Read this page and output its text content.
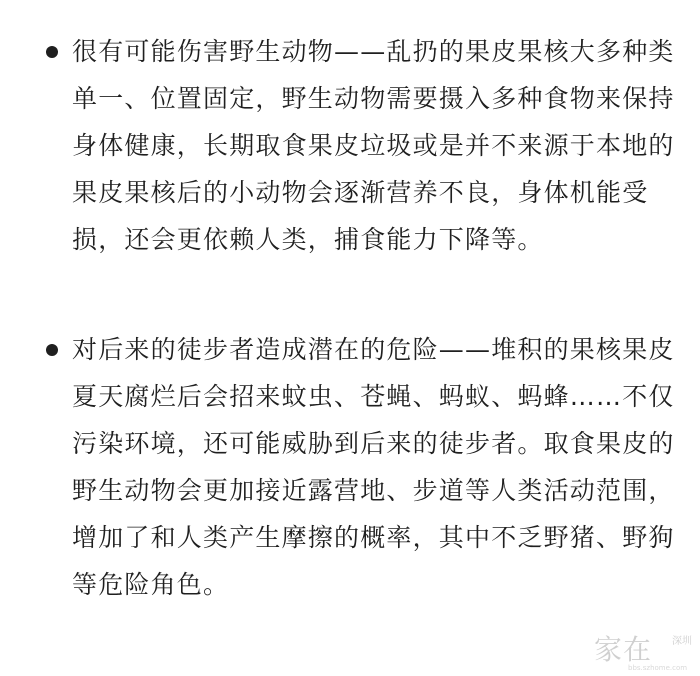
很有可能伤害野生动物——乱扔的果皮果核大多种类
单一、位置固定，野生动物需要摄入多种食物来保持
身体健康，长期取食果皮垃圾或是并不来源于本地的
果皮果核后的小动物会逐渐营养不良，身体机能受
损，还会更依赖人类，捕食能力下降等。
对后来的徒步者造成潜在的危险——堆积的果核果皮
夏天腐烂后会招来蚊虫、苍蝇、蚂蚁、蚂蜂……不仅
污染环境，还可能威胁到后来的徒步者。取食果皮的
野生动物会更加接近露营地、步道等人类活动范围，
增加了和人类产生摩擦的概率，其中不乏野猪、野狗
等危险角色。
家在 深圳
bbs.szhome.com
